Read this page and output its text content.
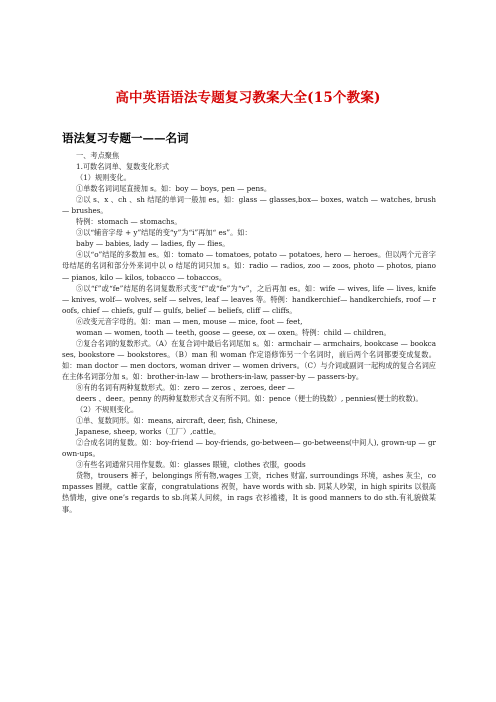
高中英语语法专题复习教案大全(15个教案)
语法复习专题一——名词

一、考点聚焦

1.可数名词单、复数变化形式

（1）规则变化。

①单数名词词尾直接加 s。如：boy — boys, pen — pens。

②以 s、x 、ch 、sh 结尾的单词一般加 es。如：glass — glasses,box— boxes, watch — watches, brush — brushes。

特例：stomach — stomachs。

③以“辅音字母 + y”结尾的变“y”为“i”再加“ es”。如：

baby — babies, lady — ladies, fly — flies。

④以“o”结尾的多数加 es。如：tomato — tomatoes, potato — potatoes, hero — heroes。但以两个元音字母结尾的名词和部分外来词中以 o 结尾的词只加 s。如：radio — radios, zoo — zoos, photo — photos, piano — pianos, kilo — kilos, tobacco — tobaccos。

⑤以“f”或“fe”结尾的名词复数形式变“f”或“fe”为“v”，之后再加 es。如：wife — wives, life — lives, knife — knives, wolf— wolves, self — selves, leaf — leaves 等。特例：handkerchief— handkerchiefs, roof — roofs, chief — chiefs, gulf — gulfs, belief — beliefs, cliff — cliffs。

⑥改变元音字母的。如：man — men, mouse — mice, foot — feet,

woman — women, tooth — teeth, goose — geese, ox — oxen。特例：child — children。

⑦复合名词的复数形式。（A）在复合词中最后名词尾加 s。如：armchair — armchairs, bookcase — bookcases, bookstore — bookstores。（B）man 和 woman 作定语修饰另一个名词时，前后两个名词都要变成复数。如：man doctor — men doctors, woman driver — women drivers。（C）与介词或副词一起构成的复合名词应在主体名词部分加 s。如：brother-in-law — brothers-in-law, passer-by — passers-by。

⑧有的名词有两种复数形式。如：zero — zeros 、zeroes, deer —

deers 、deer。penny 的两种复数形式含义有所不同。如：pence（便士的钱数）, pennies(便士的枚数)。

（2）不规则变化。

①单、复数同形。如：means, aircraft, deer, fish, Chinese,

Japanese, sheep, works（工厂）,cattle。

②合成名词的复数。如：boy-friend — boy-friends, go-between— go-betweens(中间人), grown-up — grown-ups。

③有些名词通常只用作复数。如：glasses 眼镜，clothes 衣服，goods

货物，trousers 裤子，belongings 所有物,wages 工资，riches 财富, surroundings 环境，ashes 灰尘，compasses 圆规，cattle 家畜，congratulations 祝贺，have words with sb. 同某人吵架，in high spirits 以很高热情地，give one’s regards to sb.向某人问候，in rags 衣衫褴褛，It is good manners to do sth.有礼貌做某事。
